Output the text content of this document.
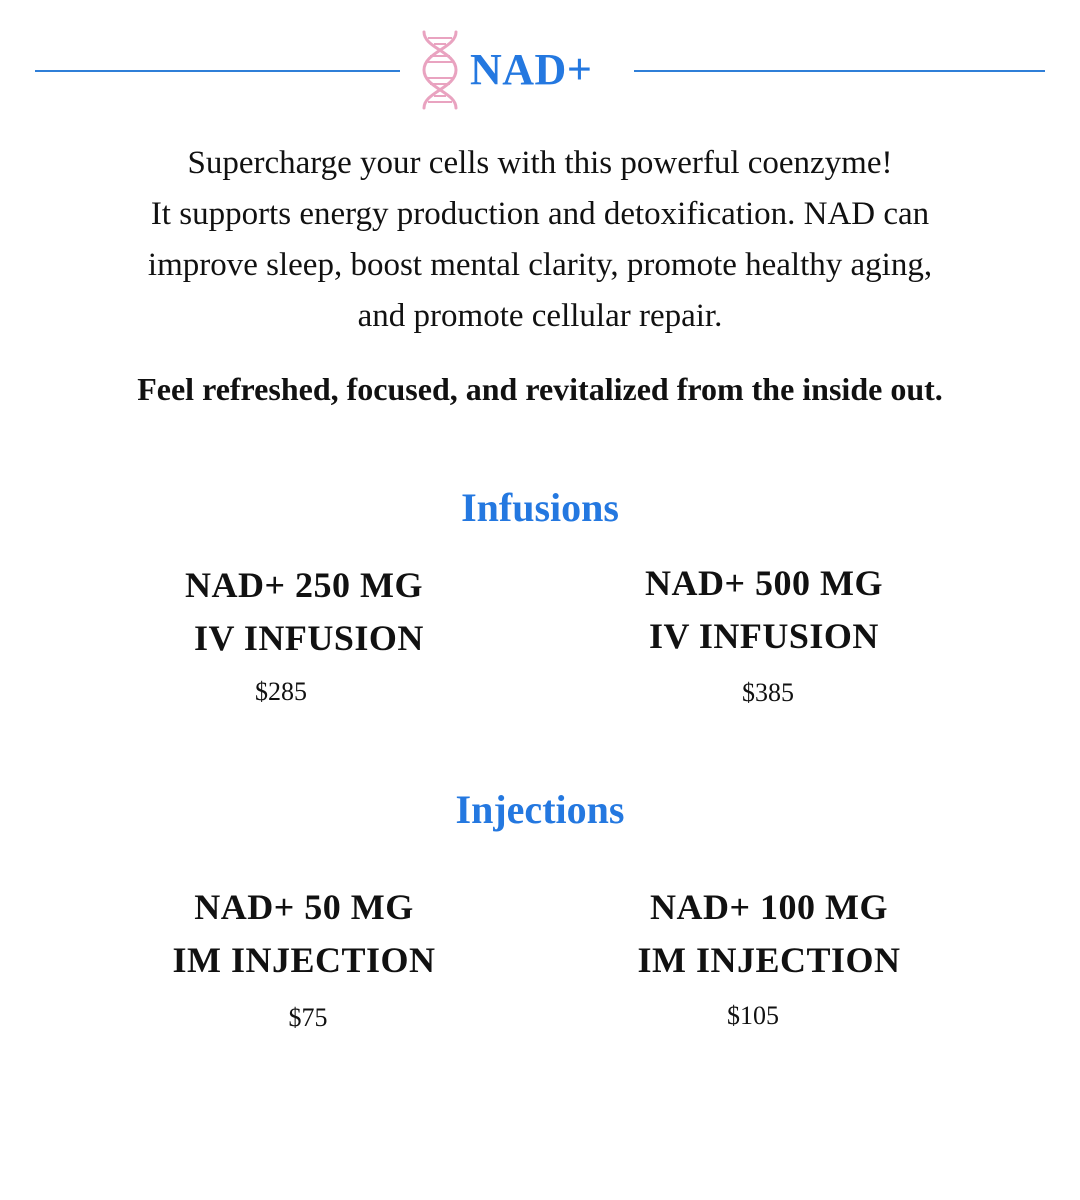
NAD+
Supercharge your cells with this powerful coenzyme!
It supports energy production and detoxification. NAD can
improve sleep, boost mental clarity, promote healthy aging,
and promote cellular repair.
Feel refreshed, focused, and revitalized from the inside out.
Infusions
NAD+ 250 MG
IV INFUSION
$285
NAD+ 500 MG
IV INFUSION
$385
Injections
NAD+ 50 MG
IM INJECTION
$75
NAD+ 100 MG
IM INJECTION
$105
